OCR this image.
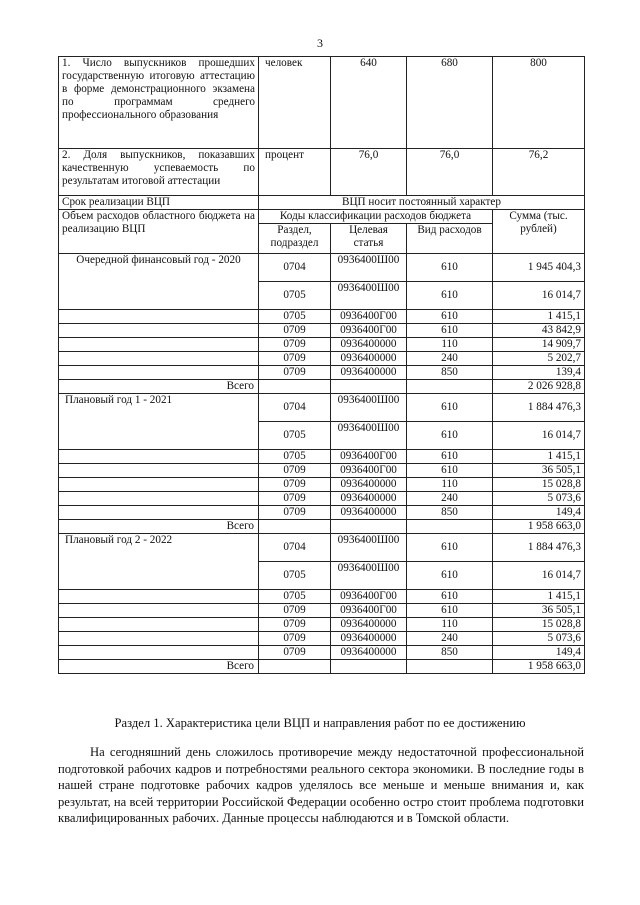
3
1. Число выпускников прошедших государственную итоговую аттестацию в форме демонстрационного экзамена по программам среднего профессионального образования	человек	640	680	800
2. Доля выпускников, показавших качественную успеваемость по результатам итоговой аттестации	процент	76,0	76,0	76,2
Срок реализации ВЦП	ВЦП носит постоянный характер			
Объем расходов областного бюджета на реализацию ВЦП	Коды классификации расходов бюджета			Сумма (тыс. рублей)
	Раздел, подраздел	Целевая статья	Вид расходов	
Очередной финансовый год - 2020	0704	0936400Ш00	610	1 945 404,3
	0705	0936400Ш00	610	16 014,7
	0705	0936400Г00	610	1 415,1
	0709	0936400Г00	610	43 842,9
	0709	0936400000	110	14 909,7
	0709	0936400000	240	5 202,7
	0709	0936400000	850	139,4
Всего				2 026 928,8
Плановый год 1 - 2021	0704	0936400Ш00	610	1 884 476,3
	0705	0936400Ш00	610	16 014,7
	0705	0936400Г00	610	1 415,1
	0709	0936400Г00	610	36 505,1
	0709	0936400000	110	15 028,8
	0709	0936400000	240	5 073,6
	0709	0936400000	850	149,4
Всего				1 958 663,0
Плановый год 2 - 2022	0704	0936400Ш00	610	1 884 476,3
	0705	0936400Ш00	610	16 014,7
	0705	0936400Г00	610	1 415,1
	0709	0936400Г00	610	36 505,1
	0709	0936400000	110	15 028,8
	0709	0936400000	240	5 073,6
	0709	0936400000	850	149,4
Всего				1 958 663,0
Раздел 1. Характеристика цели ВЦП и направления работ по ее достижению

На сегодняшний день сложилось противоречие между недостаточной профессиональной подготовкой рабочих кадров и потребностями реального сектора экономики. В последние годы в нашей стране подготовке рабочих кадров уделялось все меньше и меньше внимания и, как результат, на всей территории Российской Федерации особенно остро стоит проблема подготовки квалифицированных рабочих. Данные процессы наблюдаются и в Томской области.
